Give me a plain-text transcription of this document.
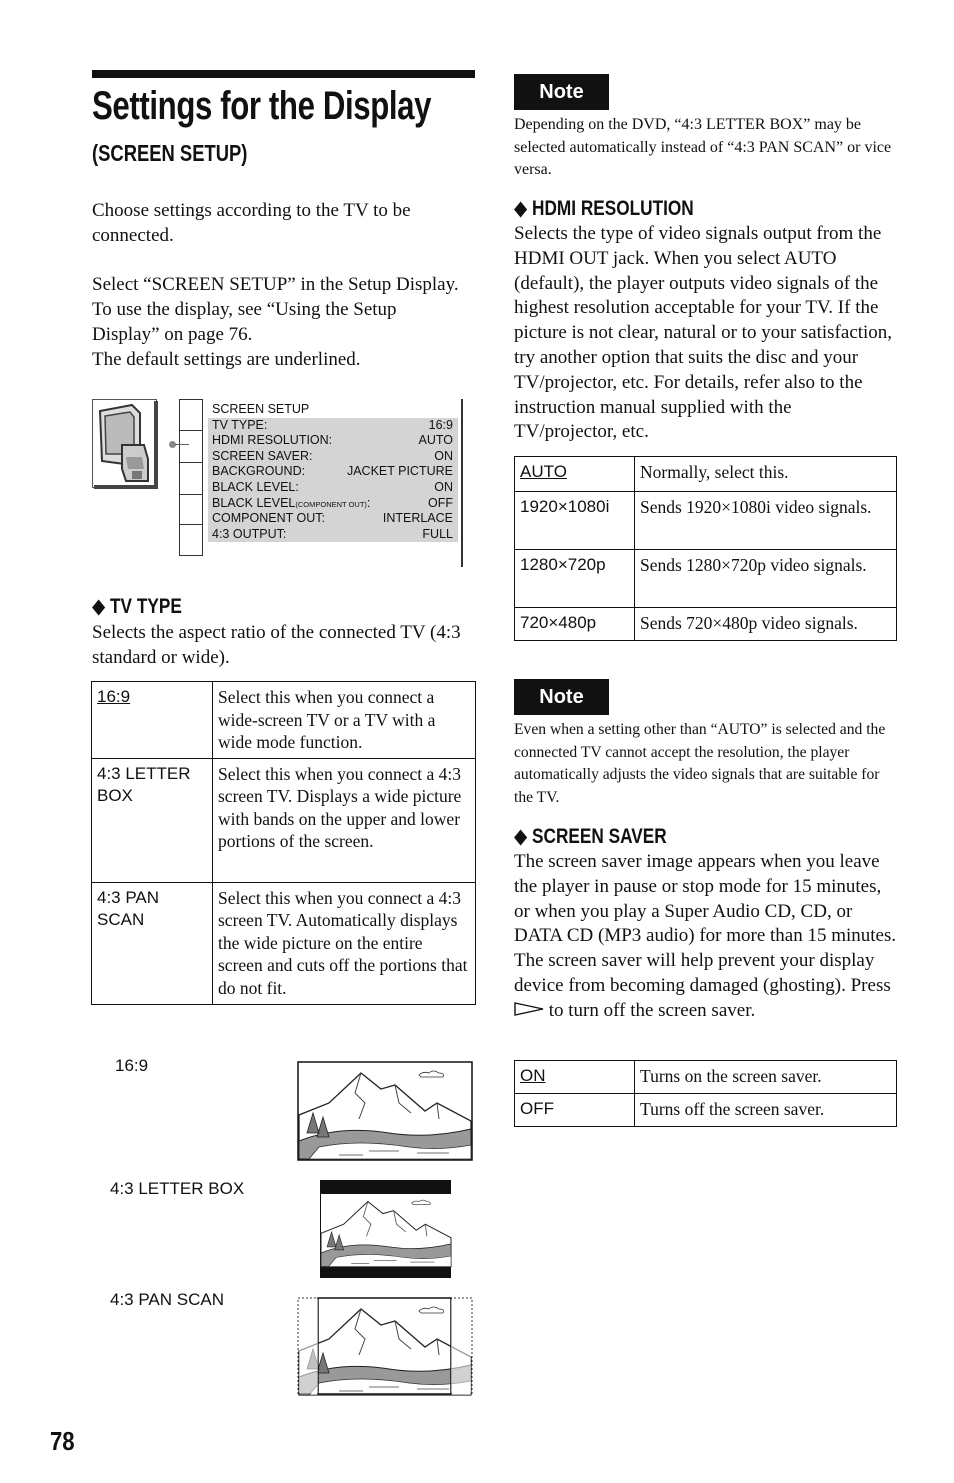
Settings for the Display
(SCREEN SETUP)
Choose settings according to the TV to be connected.
Select “SCREEN SETUP” in the Setup Display. To use the display, see “Using the Setup Display” on page 76.
The default settings are underlined.
SCREEN SETUP
TV TYPE:	16:9
HDMI RESOLUTION:	AUTO
SCREEN SAVER:	ON
BACKGROUND:	JACKET PICTURE
BLACK LEVEL:	ON
BLACK LEVEL(COMPONENT OUT):	OFF
COMPONENT OUT:	INTERLACE
4:3 OUTPUT:	FULL
◆ TV TYPE
Selects the aspect ratio of the connected TV (4:3 standard or wide).
16:9	Select this when you connect a wide-screen TV or a TV with a wide mode function.
4:3 LETTER BOX	Select this when you connect a 4:3 screen TV. Displays a wide picture with bands on the upper and lower portions of the screen.
4:3 PAN SCAN	Select this when you connect a 4:3 screen TV. Automatically displays the wide picture on the entire screen and cuts off the portions that do not fit.
16:9
4:3 LETTER BOX
4:3 PAN SCAN
78
Note
Depending on the DVD, “4:3 LETTER BOX” may be selected automatically instead of “4:3 PAN SCAN” or vice versa.
◆ HDMI RESOLUTION
Selects the type of video signals output from the HDMI OUT jack. When you select AUTO (default), the player outputs video signals of the highest resolution acceptable for your TV. If the picture is not clear, natural or to your satisfaction, try another option that suits the disc and your TV/projector, etc. For details, refer also to the instruction manual supplied with the TV/projector, etc.
AUTO	Normally, select this.
1920×1080i	Sends 1920×1080i video signals.
1280×720p	Sends 1280×720p video signals.
720×480p	Sends 720×480p video signals.
Note
Even when a setting other than “AUTO” is selected and the connected TV cannot accept the resolution, the player automatically adjusts the video signals that are suitable for the TV.
◆ SCREEN SAVER
The screen saver image appears when you leave the player in pause or stop mode for 15 minutes, or when you play a Super Audio CD, CD, or DATA CD (MP3 audio) for more than 15 minutes. The screen saver will help prevent your display device from becoming damaged (ghosting). Press  to turn off the screen saver.
ON	Turns on the screen saver.
OFF	Turns off the screen saver.
